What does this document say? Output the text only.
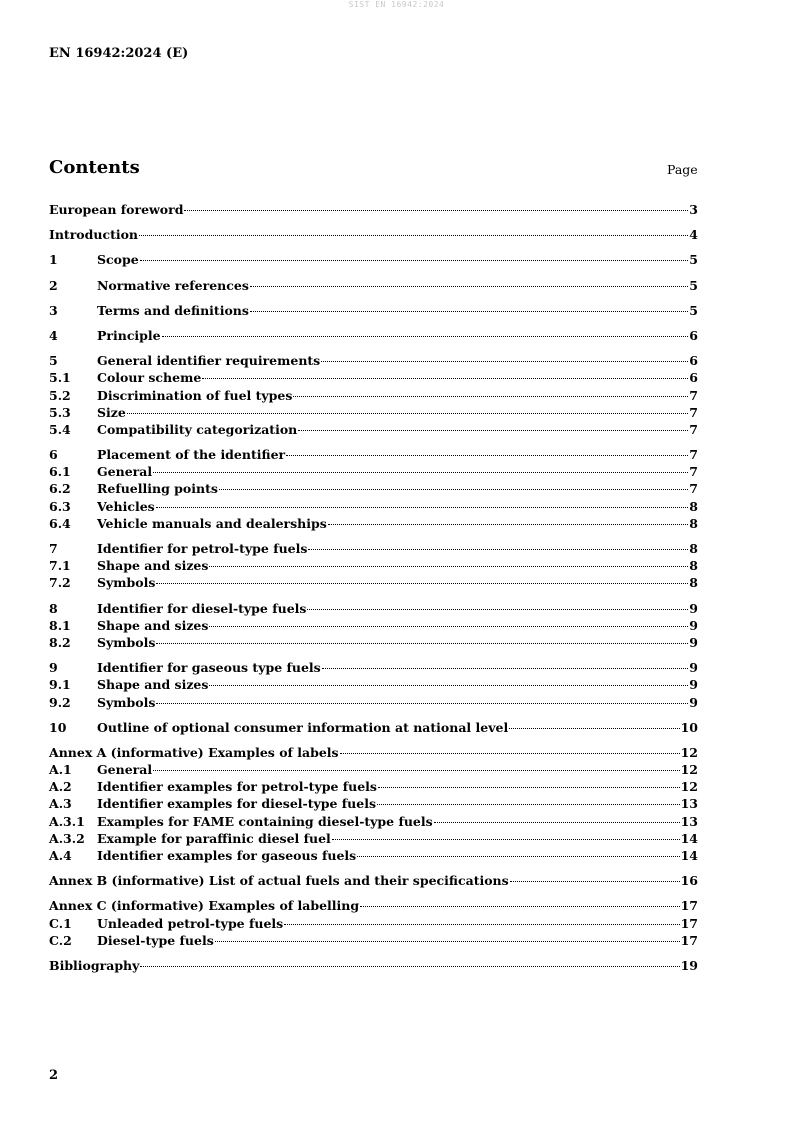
SIST EN 16942:2024
EN 16942:2024 (E)
Contents	Page
European foreword	3
Introduction	4
1	Scope	5
2	Normative references	5
3	Terms and definitions	5
4	Principle	6
5	General identifier requirements	6
5.1	Colour scheme	6
5.2	Discrimination of fuel types	7
5.3	Size	7
5.4	Compatibility categorization	7
6	Placement of the identifier	7
6.1	General	7
6.2	Refuelling points	7
6.3	Vehicles	8
6.4	Vehicle manuals and dealerships	8
7	Identifier for petrol-type fuels	8
7.1	Shape and sizes	8
7.2	Symbols	8
8	Identifier for diesel-type fuels	9
8.1	Shape and sizes	9
8.2	Symbols	9
9	Identifier for gaseous type fuels	9
9.1	Shape and sizes	9
9.2	Symbols	9
10	Outline of optional consumer information at national level	10
Annex A (informative) Examples of labels	12
A.1	General	12
A.2	Identifier examples for petrol-type fuels	12
A.3	Identifier examples for diesel-type fuels	13
A.3.1 Examples for FAME containing diesel-type fuels	13
A.3.2 Example for paraffinic diesel fuel	14
A.4	Identifier examples for gaseous fuels	14
Annex B (informative) List of actual fuels and their specifications	16
Annex C (informative) Examples of labelling	17
C.1	Unleaded petrol-type fuels	17
C.2	Diesel-type fuels	17
Bibliography	19
2
